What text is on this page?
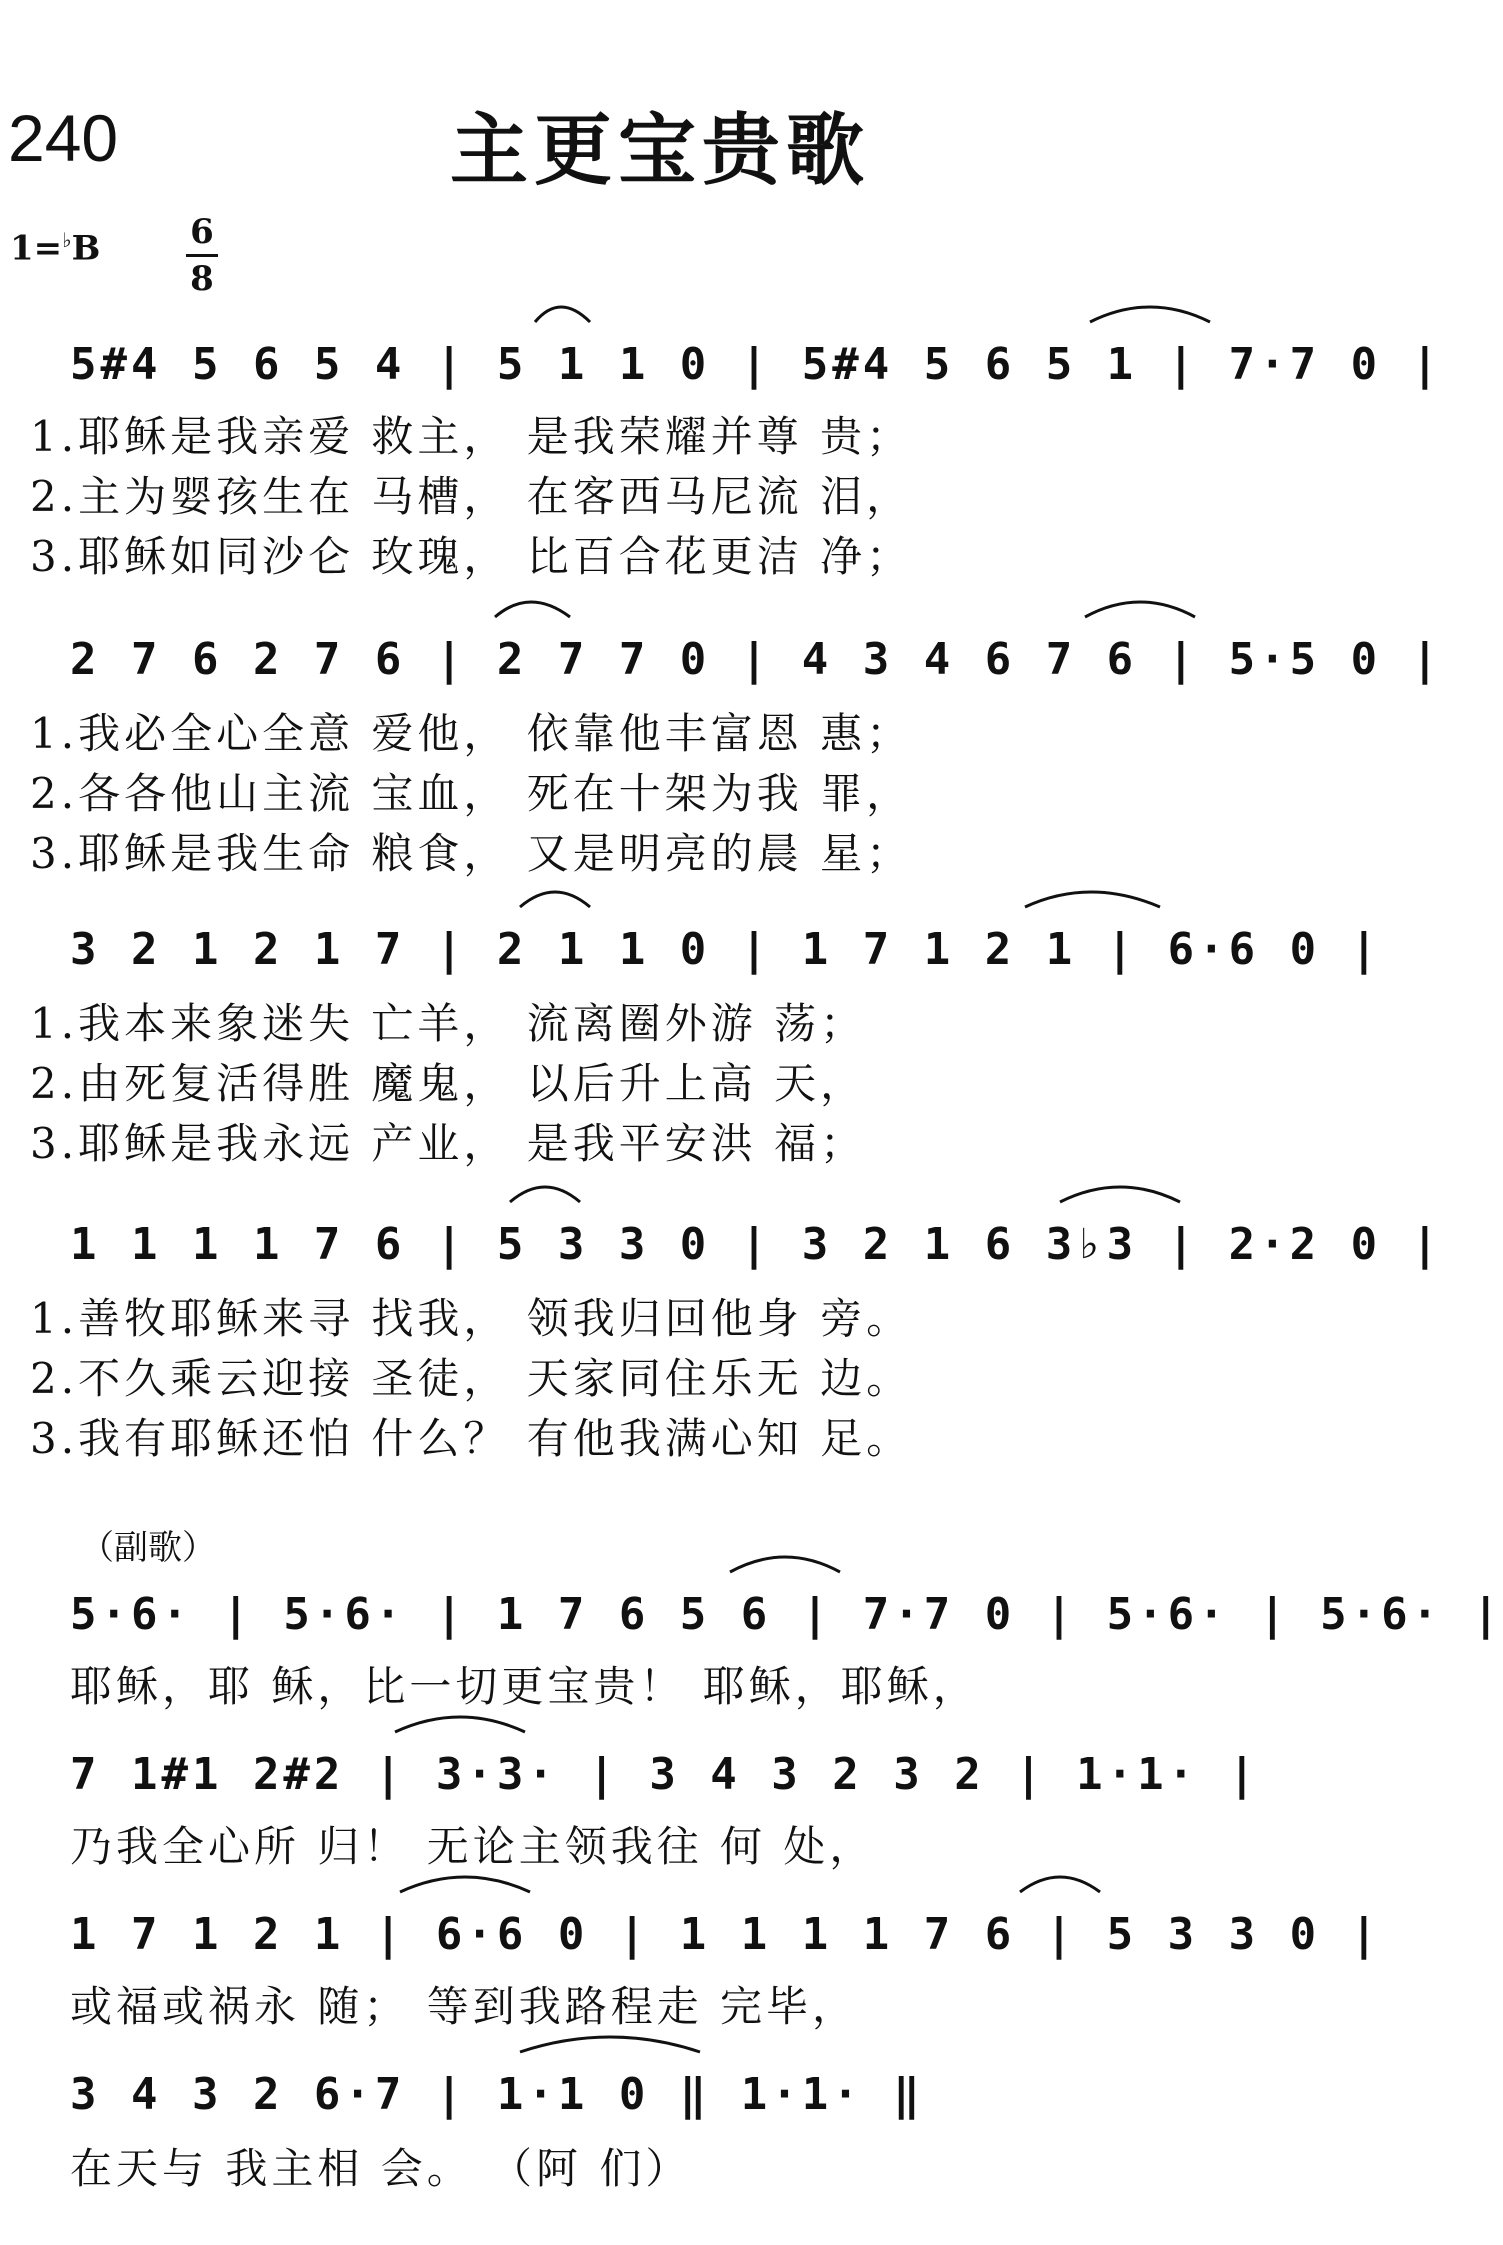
240	主更宝贵歌
1=♭B	6
8
5#4 5 6 5 4 | 5 1 1 0 | 5#4 5 6 5 1 | 7·7 0 |
1.耶稣是我亲爱 救主， 是我荣耀并尊 贵；
2.主为婴孩生在 马槽， 在客西马尼流 泪，
3.耶稣如同沙仑 玫瑰， 比百合花更洁 净；
2 7 6 2 7 6 | 2 7 7 0 | 4 3 4 6 7 6 | 5·5 0 |
1.我必全心全意 爱他， 依靠他丰富恩 惠；
2.各各他山主流 宝血， 死在十架为我 罪，
3.耶稣是我生命 粮食， 又是明亮的晨 星；
3 2 1 2 1 7 | 2 1 1 0 | 1 7 1 2 1 | 6·6 0 |
1.我本来象迷失 亡羊， 流离圈外游 荡；
2.由死复活得胜 魔鬼， 以后升上高 天，
3.耶稣是我永远 产业， 是我平安洪 福；
1 1 1 1 7 6 | 5 3 3 0 | 3 2 1 6 3♭3 | 2·2 0 |
1.善牧耶稣来寻 找我， 领我归回他身 旁。
2.不久乘云迎接 圣徒， 天家同住乐无 边。
3.我有耶稣还怕 什么？ 有他我满心知 足。
（副歌）
5·6· | 5·6· | 1 7 6 5 6 | 7·7 0 | 5·6· | 5·6· |
耶稣，耶 稣，比一切更宝贵！ 耶稣，耶稣，
7 1#1 2#2 | 3·3· | 3 4 3 2 3 2 | 1·1· |
乃我全心所 归！ 无论主领我往 何 处，
1 7 1 2 1 | 6·6 0 | 1 1 1 1 7 6 | 5 3 3 0 |
或福或祸永 随； 等到我路程走 完毕，
3 4 3 2 6·7 | 1·1 0 ‖ 1·1· ‖
在天与 我主相 会。 （阿 们）
